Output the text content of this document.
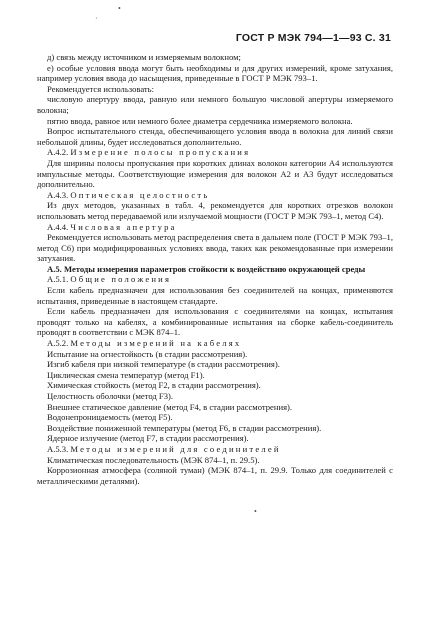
ГОСТ Р МЭК 794—1—93 С. 31
•
·

д) связь между источником и измеряемым волокном;

е) особые условия ввода могут быть необходимы и для других измерений, кроме затухания, например условия ввода до насыщения, приведенные в ГОСТ Р МЭК 793–1.

Рекомендуется использовать:

числовую апертуру ввода, равную или немного большую числовой апертуры измеряемого волокна;

пятно ввода, равное или немного более диаметра сердечника измеряемого волокна.

Вопрос испытательного стенда, обеспечивающего условия ввода в волокна для линий связи небольшой длины, будет исследоваться дополнительно.

А.4.2. Измерение полосы пропускания

Для ширины полосы пропускания при коротких длинах волокон категории А4 используются импульсные методы. Соответствующие измерения для волокон А2 и А3 будут исследоваться дополнительно.

А.4.3. Оптическая целостность

Из двух методов, указанных в табл. 4, рекомендуется для коротких отрезков волокон использовать метод передаваемой или излучаемой мощности (ГОСТ Р МЭК 793–1, метод С4).

А.4.4. Числовая апертура

Рекомендуется использовать метод распределения света в дальнем поле (ГОСТ Р МЭК 793–1, метод С6) при модифицированных условиях ввода, таких как рекомендованные при измерении затухания.

А.5. Методы измерения параметров стойкости к воздействию окружающей среды

А.5.1. Общие положения

Если кабель предназначен для использования без соединителей на концах, применяются испытания, приведенные в настоящем стандарте.

Если кабель предназначен для использования с соединителями на концах, испытания проводят только на кабелях, а комбинированные испытания на сборке кабель-соединитель проводят в соответствии с МЭК 874–1.

А.5.2. Методы измерений на кабелях

Испытание на огнестойкость (в стадии рассмотрения).

Изгиб кабеля при низкой температуре (в стадии рассмотрения).

Циклическая смена температур (метод F1).

Химическая стойкость (метод F2, в стадии рассмотрения).

Целостность оболочки (метод F3).

Внешнее статическое давление (метод F4, в стадии рассмотрения).

Водонепроницаемость (метод F5).

Воздействие пониженной температуры (метод F6, в стадии рассмотрения).

Ядерное излучение (метод F7, в стадии рассмотрения).

А.5.3. Методы измерений для соединителей

Климатическая последовательность (МЭК 874–1, п. 29.5).

Коррозионная атмосфера (соляной туман) (МЭК 874–1, п. 29.9. Только для соединителей с металлическими деталями).

•
